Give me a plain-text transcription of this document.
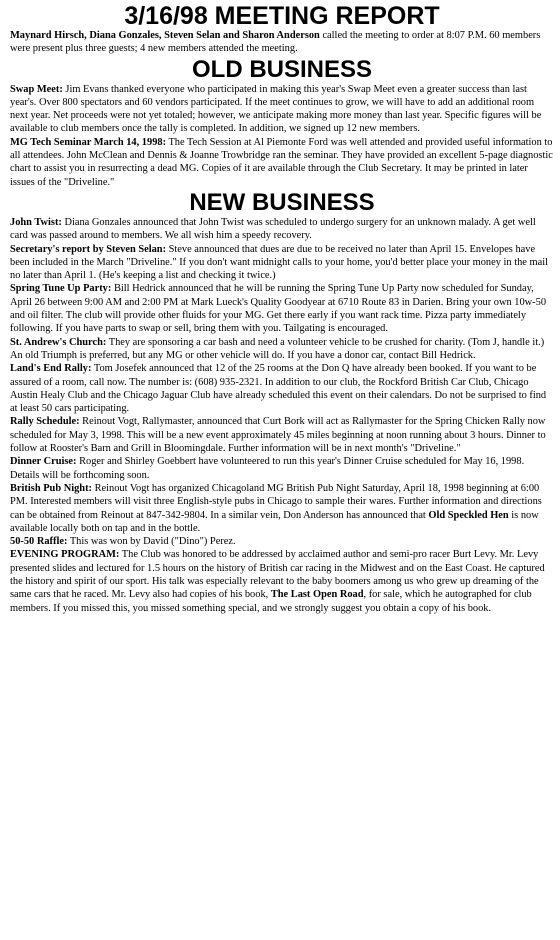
3/16/98 MEETING REPORT

Maynard Hirsch, Diana Gonzales, Steven Selan and Sharon Anderson called the meeting to order at 8:07 P.M. 60 members were present plus three guests; 4 new members attended the meeting.

OLD BUSINESS

Swap Meet: Jim Evans thanked everyone who participated in making this year's Swap Meet even a greater success than last year's. Over 800 spectators and 60 vendors participated. If the meet continues to grow, we will have to add an additional room next year. Net proceeds were not yet totaled; however, we anticipate making more money than last year. Specific figures will be available to club members once the tally is completed. In addition, we signed up 12 new members.

MG Tech Seminar March 14, 1998: The Tech Session at Al Piemonte Ford was well attended and provided useful information to all attendees. John McClean and Dennis & Joanne Trowbridge ran the seminar. They have provided an excellent 5-page diagnostic chart to assist you in resurrecting a dead MG. Copies of it are available through the Club Secretary. It may be printed in later issues of the "Driveline."

NEW BUSINESS

John Twist: Diana Gonzales announced that John Twist was scheduled to undergo surgery for an unknown malady. A get well card was passed around to members. We all wish him a speedy recovery.

Secretary's report by Steven Selan: Steve announced that dues are due to be received no later than April 15. Envelopes have been included in the March "Driveline." If you don't want midnight calls to your home, you'd better place your money in the mail no later than April 1. (He's keeping a list and checking it twice.)

Spring Tune Up Party: Bill Hedrick announced that he will be running the Spring Tune Up Party now scheduled for Sunday, April 26 between 9:00 AM and 2:00 PM at Mark Lueck's Quality Goodyear at 6710 Route 83 in Darien. Bring your own 10w-50 and oil filter. The club will provide other fluids for your MG. Get there early if you want rack time. Pizza party immediately following. If you have parts to swap or sell, bring them with you. Tailgating is encouraged.

St. Andrew's Church: They are sponsoring a car bash and need a volunteer vehicle to be crushed for charity. (Tom J, handle it.) An old Triumph is preferred, but any MG or other vehicle will do. If you have a donor car, contact Bill Hedrick.

Land's End Rally: Tom Josefek announced that 12 of the 25 rooms at the Don Q have already been booked. If you want to be assured of a room, call now. The number is: (608) 935-2321. In addition to our club, the Rockford British Car Club, Chicago Austin Healy Club and the Chicago Jaguar Club have already scheduled this event on their calendars. Do not be surprised to find at least 50 cars participating.

Rally Schedule: Reinout Vogt, Rallymaster, announced that Curt Bork will act as Rallymaster for the Spring Chicken Rally now scheduled for May 3, 1998. This will be a new event approximately 45 miles beginning at noon running about 3 hours. Dinner to follow at Rooster's Barn and Grill in Bloomingdale. Further information will be in next month's "Driveline."

Dinner Cruise: Roger and Shirley Goebbert have volunteered to run this year's Dinner Cruise scheduled for May 16, 1998. Details will be forthcoming soon.

British Pub Night: Reinout Vogt has organized Chicagoland MG British Pub Night Saturday, April 18, 1998 beginning at 6:00 PM. Interested members will visit three English-style pubs in Chicago to sample their wares. Further information and directions can be obtained from Reinout at 847-342-9804. In a similar vein, Don Anderson has announced that Old Speckled Hen is now available locally both on tap and in the bottle.

50-50 Raffle: This was won by David ("Dino") Perez.

EVENING PROGRAM: The Club was honored to be addressed by acclaimed author and semi-pro racer Burt Levy. Mr. Levy presented slides and lectured for 1.5 hours on the history of British car racing in the Midwest and on the East Coast. He captured the history and spirit of our sport. His talk was especially relevant to the baby boomers among us who grew up dreaming of the same cars that he raced. Mr. Levy also had copies of his book, The Last Open Road, for sale, which he autographed for club members. If you missed this, you missed something special, and we strongly suggest you obtain a copy of his book.
